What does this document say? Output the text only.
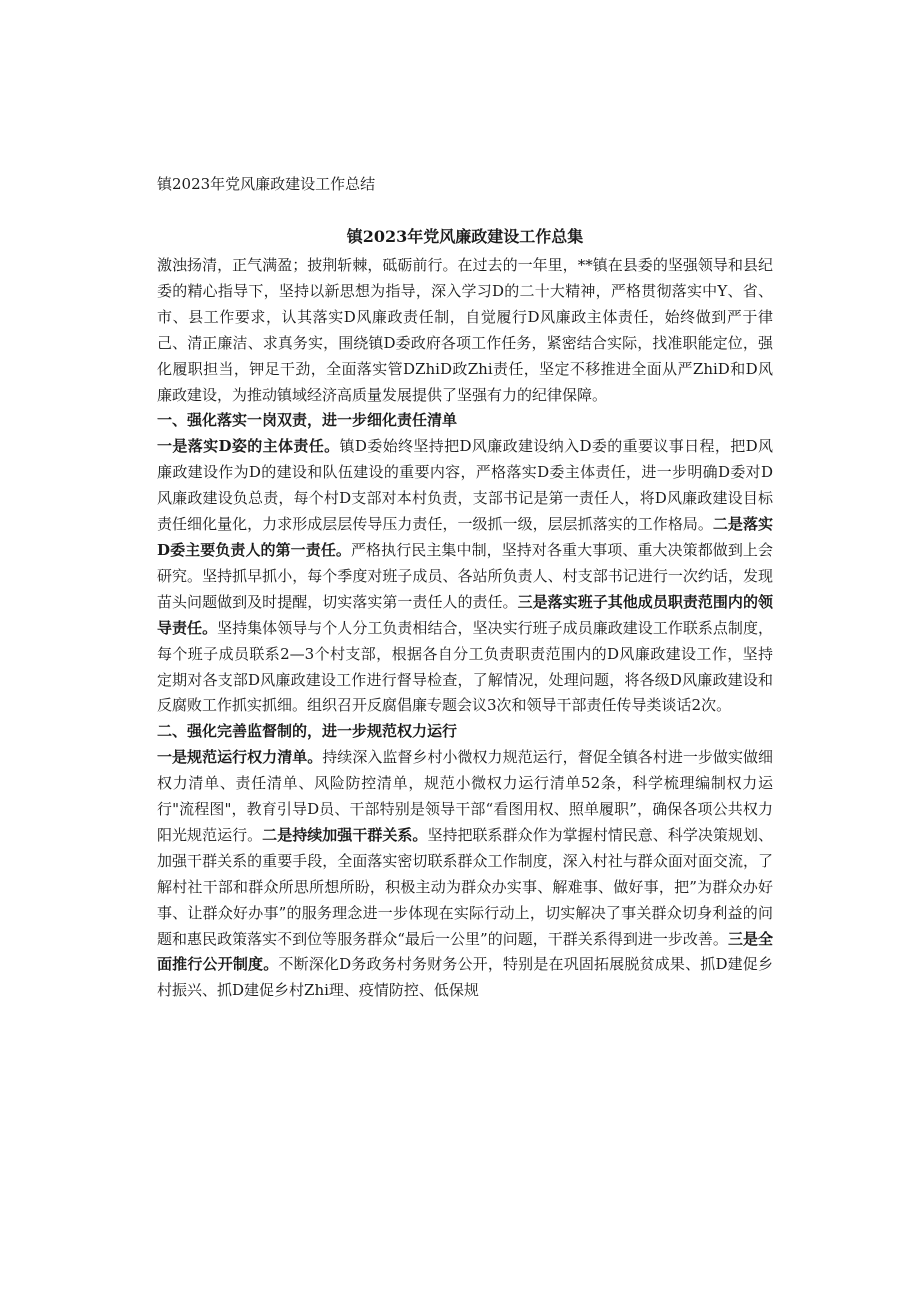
镇2023年党风廉政建设工作总结
镇2023年党风廉政建设工作总集

激浊扬清，正气满盈；披荆斩棘，砥砺前行。在过去的一年里，**镇在县委的坚强领导和县纪委的精心指导下，坚持以新思想为指导，深入学习D的二十大精神，严格贯彻落实中Y、省、市、县工作要求，认其落实D风廉政责任制，自觉履行D风廉政主体责任，始终做到严于律己、清正廉洁、求真务实，围绕镇D委政府各项工作任务，紧密结合实际，找准职能定位，强化履职担当，钾足干劲，全面落实管DZhiD政Zhi责任，坚定不移推进全面从严ZhiD和D风廉政建设，为推动镇域经济高质量发展提供了坚强有力的纪律保障。

一、强化落实一岗双责，进一步细化责任清单

一是落实D姿的主体责任。镇D委始终坚持把D风廉政建设纳入D委的重要议事日程，把D风廉政建设作为D的建设和队伍建设的重要内容，严格落实D委主体责任，进一步明确D委对D风廉政建设负总责，每个村D支部对本村负责，支部书记是第一责任人，将D风廉政建设目标责任细化量化，力求形成层层传导压力责任，一级抓一级，层层抓落实的工作格局。二是落实D委主要负责人的第一责任。严格执行民主集中制，坚持对各重大事项、重大决策都做到上会研究。坚持抓早抓小，每个季度对班子成员、各站所负责人、村支部书记进行一次约话，发现苗头问题做到及时提醒，切实落实第一责任人的责任。三是落实班子其他成员职责范围内的领导责任。坚持集体领导与个人分工负责相结合，坚决实行班子成员廉政建设工作联系点制度，每个班子成员联系2—3个村支部，根据各自分工负责职责范围内的D风廉政建设工作，坚持定期对各支部D风廉政建设工作进行督导检查，了解情况，处理问题，将各级D风廉政建设和反腐败工作抓实抓细。组织召开反腐倡廉专题会议3次和领导干部责任传导类谈话2次。

二、强化完善监督制的，进一步规范权力运行

一是规范运行权力清单。持续深入监督乡村小微权力规范运行，督促全镇各村进一步做实做细权力清单、责任清单、风险防控清单，规范小微权力运行清单52条，科学梳理编制权力运行"流程图"，教育引导D员、干部特别是领导干部“看图用权、照单履职”，确保各项公共权力阳光规范运行。二是持续加强干群关系。坚持把联系群众作为掌握村情民意、科学决策规划、加强干群关系的重要手段，全面落实密切联系群众工作制度，深入村社与群众面对面交流，了解村社干部和群众所思所想所盼，积极主动为群众办实事、解难事、做好事，把”为群众办好事、让群众好办事”的服务理念进一步体现在实际行动上，切实解决了事关群众切身利益的问题和惠民政策落实不到位等服务群众“最后一公里”的问题，干群关系得到进一步改善。三是全面推行公开制度。不断深化D务政务村务财务公开，特别是在巩固拓展脱贫成果、抓D建促乡村振兴、抓D建促乡村Zhi理、疫情防控、低保规
